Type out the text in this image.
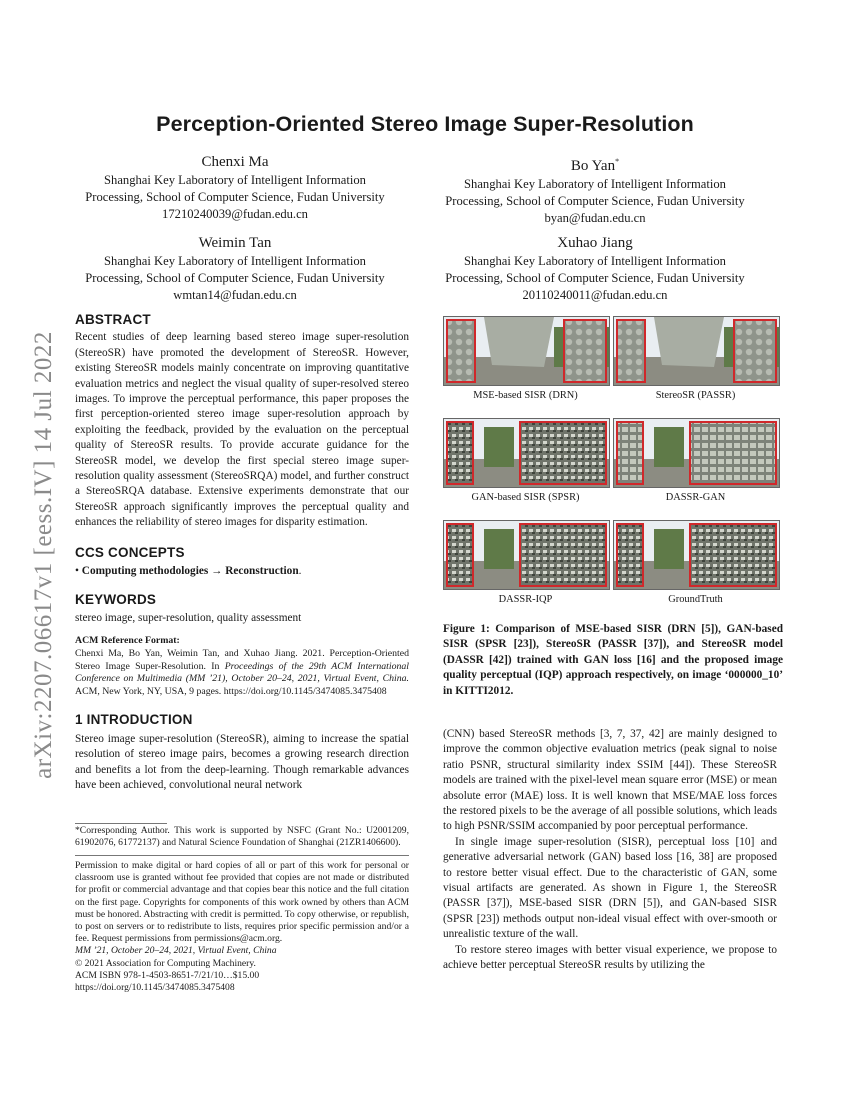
arXiv:2207.06617v1 [eess.IV] 14 Jul 2022
Perception-Oriented Stereo Image Super-Resolution
Chenxi Ma
Shanghai Key Laboratory of Intelligent Information
Processing, School of Computer Science, Fudan University
17210240039@fudan.edu.cn
Bo Yan*
Shanghai Key Laboratory of Intelligent Information
Processing, School of Computer Science, Fudan University
byan@fudan.edu.cn
Weimin Tan
Shanghai Key Laboratory of Intelligent Information
Processing, School of Computer Science, Fudan University
wmtan14@fudan.edu.cn
Xuhao Jiang
Shanghai Key Laboratory of Intelligent Information
Processing, School of Computer Science, Fudan University
20110240011@fudan.edu.cn
ABSTRACT

Recent studies of deep learning based stereo image super-resolution (StereoSR) have promoted the development of StereoSR. However, existing StereoSR models mainly concentrate on improving quantitative evaluation metrics and neglect the visual quality of super-resolved stereo images. To improve the perceptual performance, this paper proposes the first perception-oriented stereo image super-resolution approach by exploiting the feedback, provided by the evaluation on the perceptual quality of StereoSR results. To provide accurate guidance for the StereoSR model, we develop the first special stereo image super-resolution quality assessment (StereoSRQA) model, and further construct a StereoSRQA database. Extensive experiments demonstrate that our StereoSR approach significantly improves the perceptual quality and enhances the reliability of stereo images for disparity estimation.

CCS CONCEPTS

• Computing methodologies → Reconstruction.

KEYWORDS

stereo image, super-resolution, quality assessment

ACM Reference Format:

Chenxi Ma, Bo Yan, Weimin Tan, and Xuhao Jiang. 2021. Perception-Oriented Stereo Image Super-Resolution. In Proceedings of the 29th ACM International Conference on Multimedia (MM ’21), October 20–24, 2021, Virtual Event, China. ACM, New York, NY, USA, 9 pages. https://doi.org/10.1145/3474085.3475408

1 INTRODUCTION

Stereo image super-resolution (StereoSR), aiming to increase the spatial resolution of stereo image pairs, becomes a growing research direction and benefits a lot from the deep-learning. Though remarkable advances have been achieved, convolutional neural network

*Corresponding Author. This work is supported by NSFC (Grant No.: U2001209, 61902076, 61772137) and Natural Science Foundation of Shanghai (21ZR1406600).

Permission to make digital or hard copies of all or part of this work for personal or classroom use is granted without fee provided that copies are not made or distributed for profit or commercial advantage and that copies bear this notice and the full citation on the first page. Copyrights for components of this work owned by others than ACM must be honored. Abstracting with credit is permitted. To copy otherwise, or republish, to post on servers or to redistribute to lists, requires prior specific permission and/or a fee. Request permissions from permissions@acm.org.

MM ’21, October 20–24, 2021, Virtual Event, China

© 2021 Association for Computing Machinery.

ACM ISBN 978-1-4503-8651-7/21/10…$15.00

https://doi.org/10.1145/3474085.3475408

MSE-based SISR (DRN)	StereoSR (PASSR)
GAN-based SISR (SPSR)	DASSR-GAN
DASSR-IQP	GroundTruth
Figure 1: Comparison of MSE-based SISR (DRN [5]), GAN-based SISR (SPSR [23]), StereoSR (PASSR [37]), and StereoSR model (DASSR [42]) trained with GAN loss [16] and the proposed image quality perceptual (IQP) approach respectively, on image ‘000000_10’ in KITTI2012.

(CNN) based StereoSR methods [3, 7, 37, 42] are mainly designed to improve the common objective evaluation metrics (peak signal to noise ratio PSNR, structural similarity index SSIM [44]). These StereoSR models are trained with the pixel-level mean square error (MSE) or mean absolute error (MAE) loss. It is well known that MSE/MAE loss forces the restored pixels to be the average of all possible solutions, which leads to high PSNR/SSIM accompanied by poor perceptual performance.

In single image super-resolution (SISR), perceptual loss [10] and generative adversarial network (GAN) based loss [16, 38] are proposed to restore better visual effect. Due to the characteristic of GAN, some visual artifacts are generated. As shown in Figure 1, the StereoSR (PASSR [37]), MSE-based SISR (DRN [5]), and GAN-based SISR (SPSR [23]) methods output non-ideal visual effect with over-smooth or unrealistic texture of the wall.

To restore stereo images with better visual experience, we propose to achieve better perceptual StereoSR results by utilizing the
